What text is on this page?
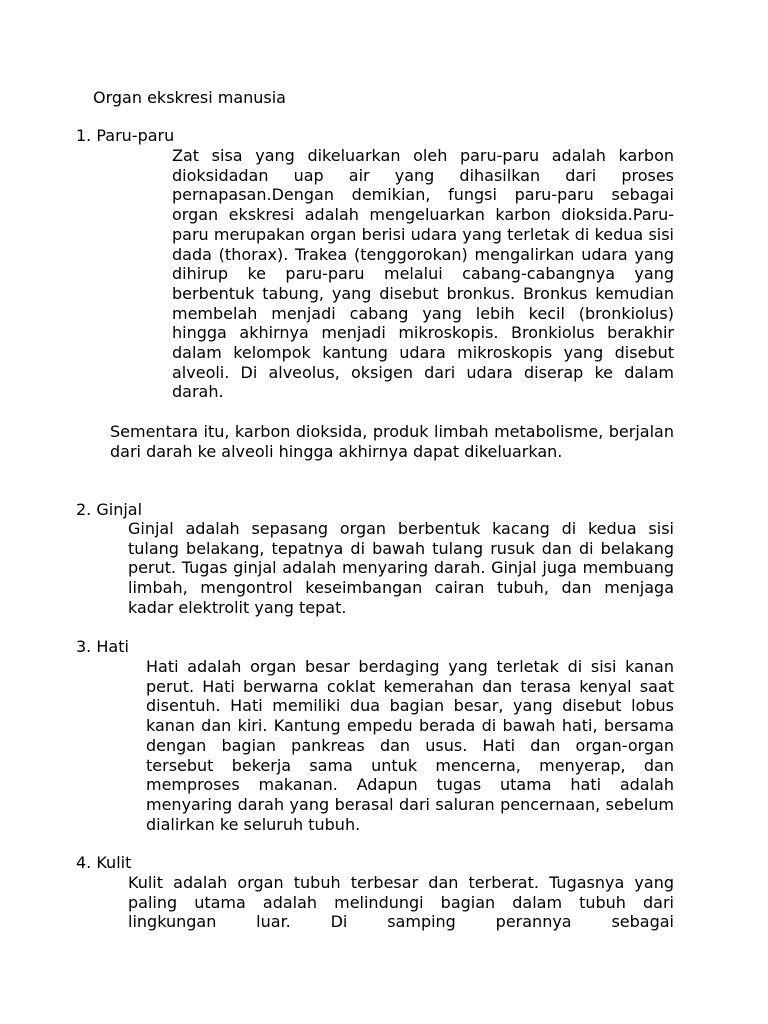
Organ ekskresi manusia
1. Paru-paru

Zat sisa yang dikeluarkan oleh paru-paru adalah karbon dioksidadan uap air yang dihasilkan dari proses pernapasan.Dengan demikian, fungsi paru-paru sebagai organ ekskresi adalah mengeluarkan karbon dioksida.Paru-paru merupakan organ berisi udara yang terletak di kedua sisi dada (thorax). Trakea (tenggorokan) mengalirkan udara yang dihirup ke paru-paru melalui cabang-cabangnya yang berbentuk tabung, yang disebut bronkus. Bronkus kemudian membelah menjadi cabang yang lebih kecil (bronkiolus) hingga akhirnya menjadi mikroskopis. Bronkiolus berakhir dalam kelompok kantung udara mikroskopis yang disebut alveoli. Di alveolus, oksigen dari udara diserap ke dalam darah.

Sementara itu, karbon dioksida, produk limbah metabolisme, berjalan dari darah ke alveoli hingga akhirnya dapat dikeluarkan.

2. Ginjal

Ginjal adalah sepasang organ berbentuk kacang di kedua sisi tulang belakang, tepatnya di bawah tulang rusuk dan di belakang perut. Tugas ginjal adalah menyaring darah. Ginjal juga membuang limbah, mengontrol keseimbangan cairan tubuh, dan menjaga kadar elektrolit yang tepat.

3. Hati

Hati adalah organ besar berdaging yang terletak di sisi kanan perut. Hati berwarna coklat kemerahan dan terasa kenyal saat disentuh. Hati memiliki dua bagian besar, yang disebut lobus kanan dan kiri. Kantung empedu berada di bawah hati, bersama dengan bagian pankreas dan usus. Hati dan organ-organ tersebut bekerja sama untuk mencerna, menyerap, dan memproses makanan. Adapun tugas utama hati adalah menyaring darah yang berasal dari saluran pencernaan, sebelum dialirkan ke seluruh tubuh.

4. Kulit

Kulit adalah organ tubuh terbesar dan terberat. Tugasnya yang paling utama adalah melindungi bagian dalam tubuh dari lingkungan luar. Di samping perannya sebagai
